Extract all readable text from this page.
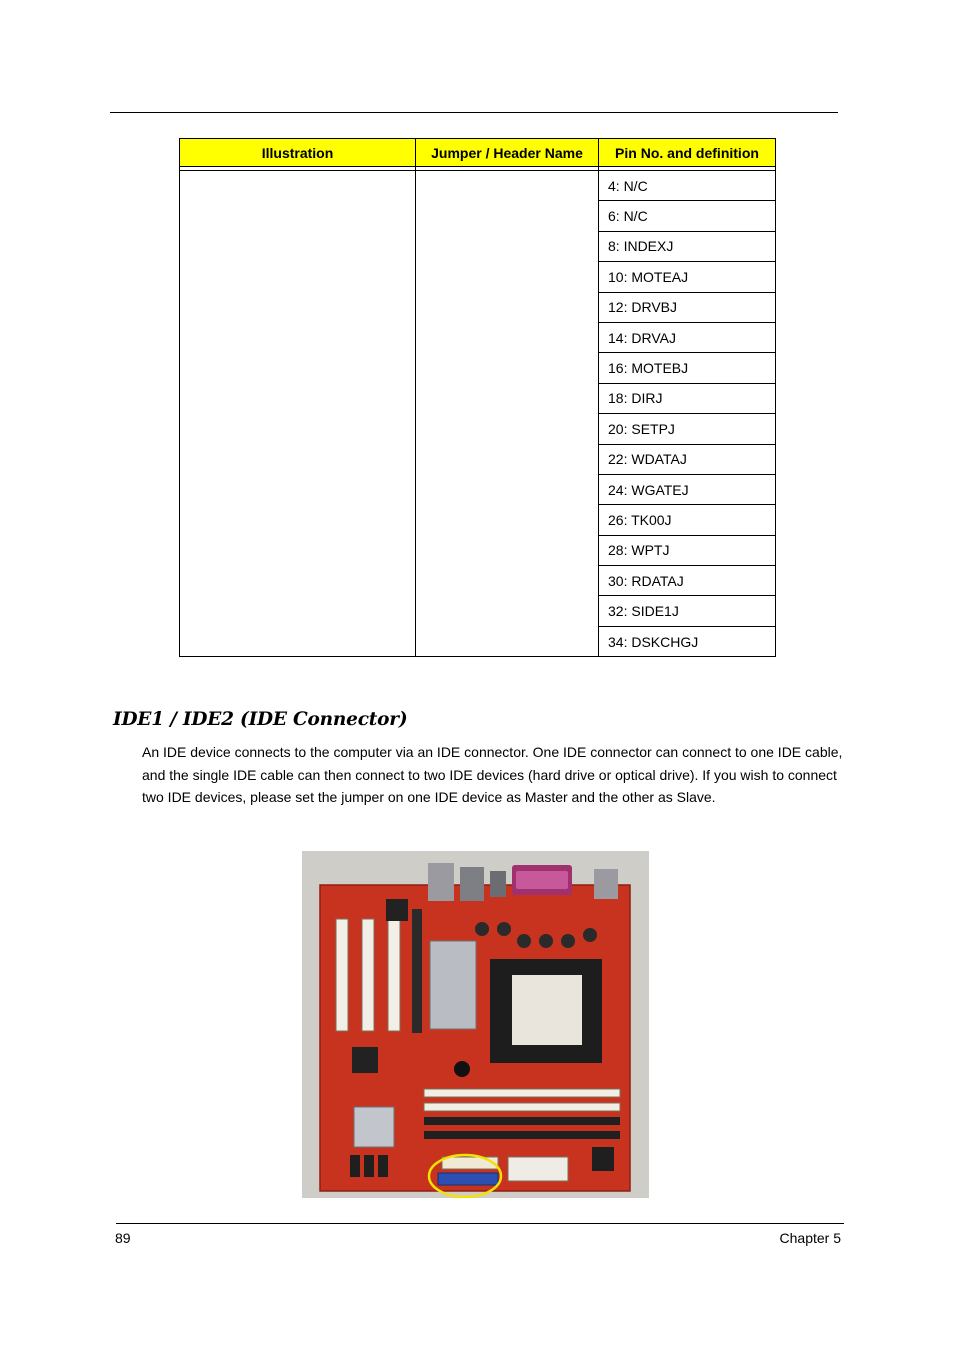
Illustration	Jumper / Header Name	Pin No. and definition

		4: N/C
		6: N/C
		8: INDEXJ
		10: MOTEAJ
		12: DRVBJ
		14: DRVAJ
		16: MOTEBJ
		18: DIRJ
		20: SETPJ
		22: WDATAJ
		24: WGATEJ
		26: TK00J
		28: WPTJ
		30: RDATAJ
		32: SIDE1J
		34: DSKCHGJ
IDE1 / IDE2 (IDE Connector)

An IDE device connects to the computer via an IDE connector. One IDE connector can connect to one IDE cable, and the single IDE cable can then connect to two IDE devices (hard drive or optical drive). If you wish to connect two IDE devices, please set the jumper on one IDE device as Master and the other as Slave.

89	Chapter 5
